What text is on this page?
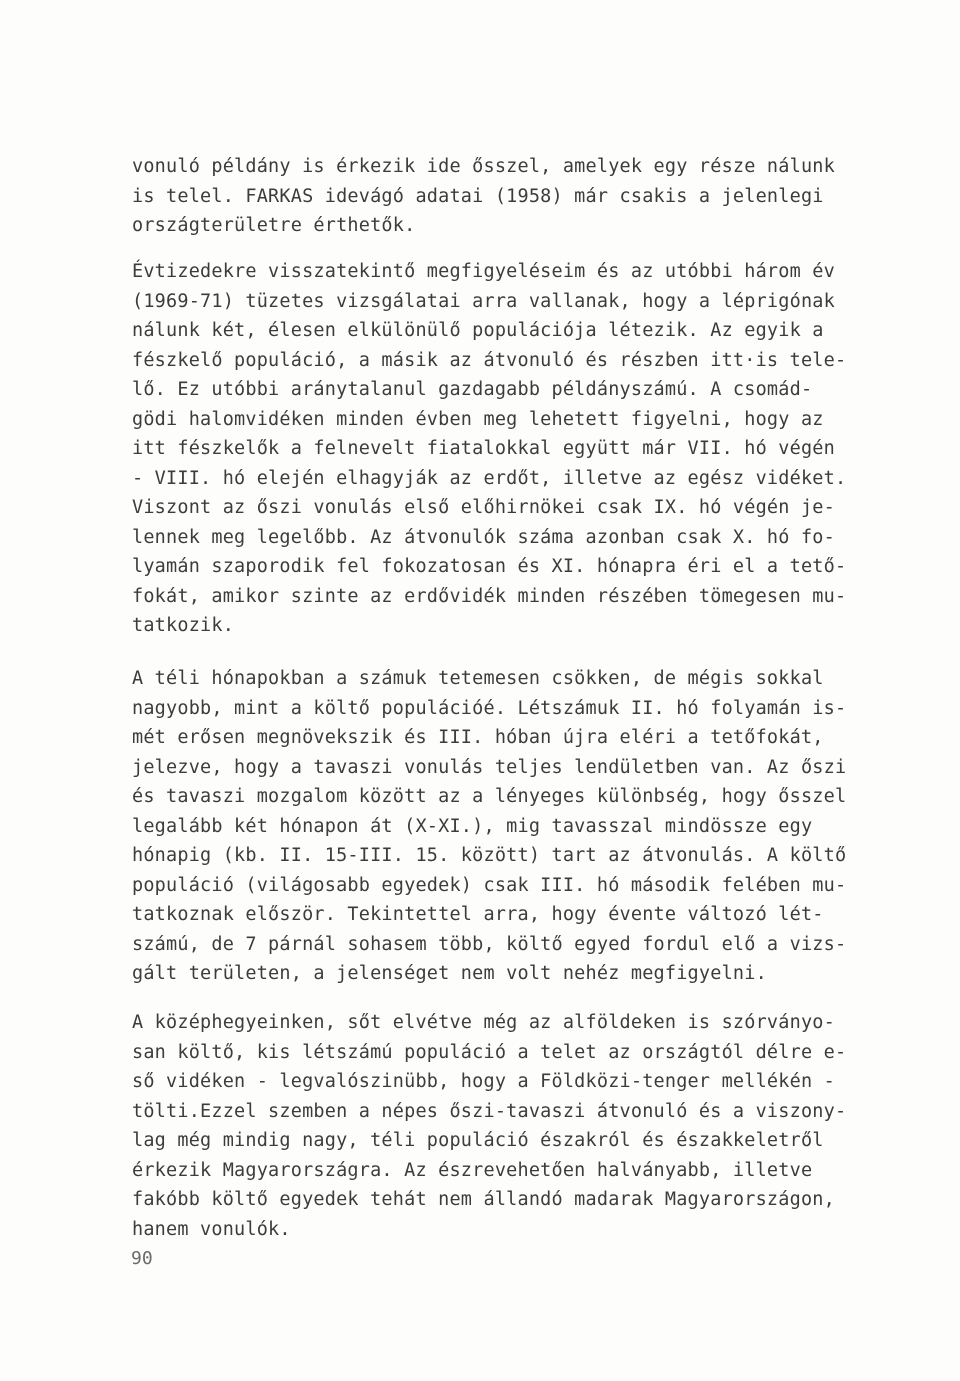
vonuló példány is érkezik ide ősszel, amelyek egy része nálunk
is telel. FARKAS idevágó adatai (1958) már csakis a jelenlegi
országterületre érthetők.
Évtizedekre visszatekintő megfigyeléseim és az utóbbi három év
(1969-71) tüzetes vizsgálatai arra vallanak, hogy a léprigónak
nálunk két, élesen elkülönülő populációja létezik. Az egyik a
fészkelő populáció, a másik az átvonuló és részben itt·is tele-
lő. Ez utóbbi aránytalanul gazdagabb példányszámú. A csomád-
gödi halomvidéken minden évben meg lehetett figyelni, hogy az
itt fészkelők a felnevelt fiatalokkal együtt már VII. hó végén
- VIII. hó elején elhagyják az erdőt, illetve az egész vidéket.
Viszont az őszi vonulás első előhirnökei csak IX. hó végén je-
lennek meg legelőbb. Az átvonulók száma azonban csak X. hó fo-
lyamán szaporodik fel fokozatosan és XI. hónapra éri el a tető-
fokát, amikor szinte az erdővidék minden részében tömegesen mu-
tatkozik.
A téli hónapokban a számuk tetemesen csökken, de mégis sokkal
nagyobb, mint a költő populációé. Létszámuk II. hó folyamán is-
mét erősen megnövekszik és III. hóban újra eléri a tetőfokát,
jelezve, hogy a tavaszi vonulás teljes lendületben van. Az őszi
és tavaszi mozgalom között az a lényeges különbség, hogy ősszel
legalább két hónapon át (X-XI.), mig tavasszal mindössze egy
hónapig (kb. II. 15-III. 15. között) tart az átvonulás. A költő
populáció (világosabb egyedek) csak III. hó második felében mu-
tatkoznak először. Tekintettel arra, hogy évente változó lét-
számú, de 7 párnál sohasem több, költő egyed fordul elő a vizs-
gált területen, a jelenséget nem volt nehéz megfigyelni.
A középhegyeinken, sőt elvétve még az alföldeken is szórványo-
san költő, kis létszámú populáció a telet az országtól délre e-
ső vidéken - legvalószinübb, hogy a Földközi-tenger mellékén -
tölti.Ezzel szemben a népes őszi-tavaszi átvonuló és a viszony-
lag még mindig nagy, téli populáció északról és északkeletről
érkezik Magyarországra. Az észrevehetően halványabb, illetve
fakóbb költő egyedek tehát nem állandó madarak Magyarországon,
hanem vonulók.
90
